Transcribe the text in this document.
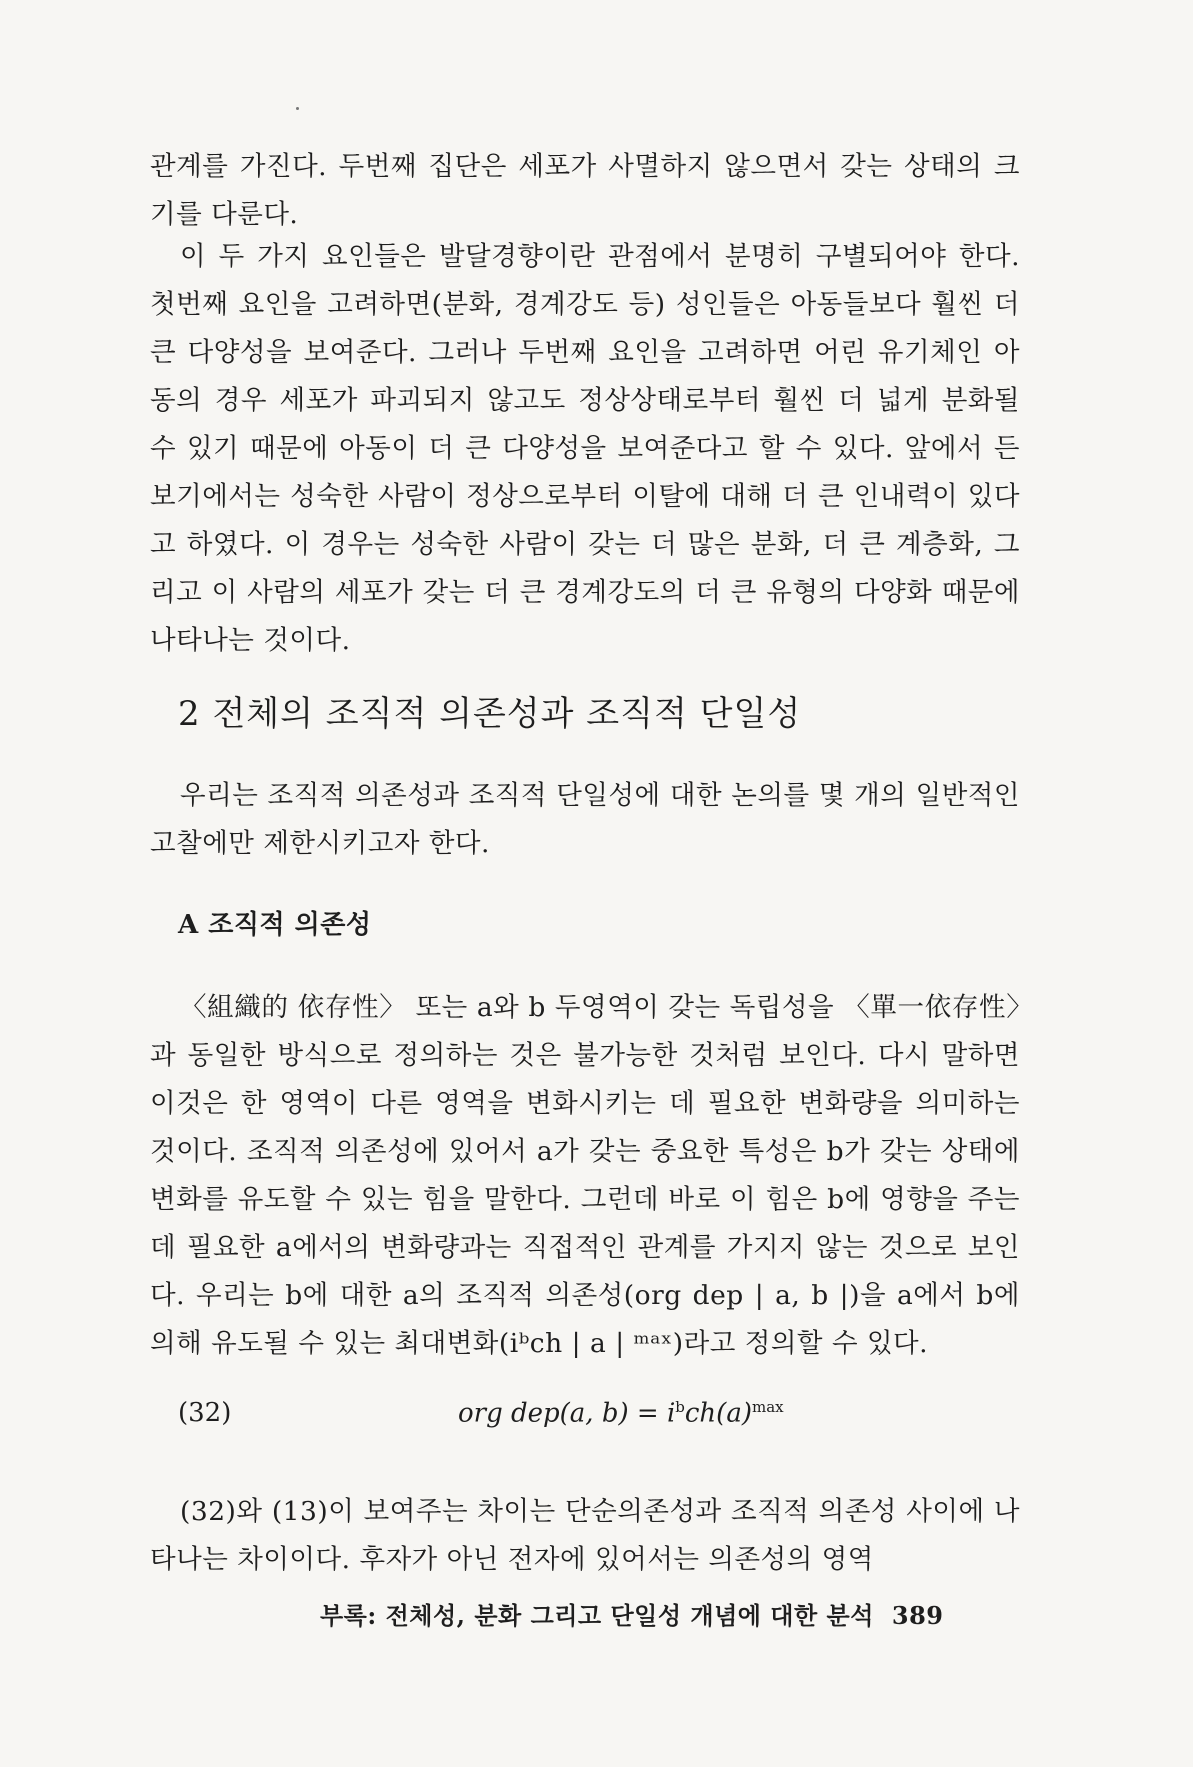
관계를 가진다. 두번째 집단은 세포가 사멸하지 않으면서 갖는 상태의 크기를 다룬다.

이 두 가지 요인들은 발달경향이란 관점에서 분명히 구별되어야 한다. 첫번째 요인을 고려하면(분화, 경계강도 등) 성인들은 아동들보다 훨씬 더 큰 다양성을 보여준다. 그러나 두번째 요인을 고려하면 어린 유기체인 아동의 경우 세포가 파괴되지 않고도 정상상태로부터 훨씬 더 넓게 분화될 수 있기 때문에 아동이 더 큰 다양성을 보여준다고 할 수 있다. 앞에서 든 보기에서는 성숙한 사람이 정상으로부터 이탈에 대해 더 큰 인내력이 있다고 하였다. 이 경우는 성숙한 사람이 갖는 더 많은 분화, 더 큰 계층화, 그리고 이 사람의 세포가 갖는 더 큰 경계강도의 더 큰 유형의 다양화 때문에 나타나는 것이다.

2 전체의 조직적 의존성과 조직적 단일성

우리는 조직적 의존성과 조직적 단일성에 대한 논의를 몇 개의 일반적인 고찰에만 제한시키고자 한다.

A 조직적 의존성

〈組織的 依存性〉 또는 a와 b 두영역이 갖는 독립성을 〈單一依存性〉과 동일한 방식으로 정의하는 것은 불가능한 것처럼 보인다. 다시 말하면 이것은 한 영역이 다른 영역을 변화시키는 데 필요한 변화량을 의미하는 것이다. 조직적 의존성에 있어서 a가 갖는 중요한 특성은 b가 갖는 상태에 변화를 유도할 수 있는 힘을 말한다. 그런데 바로 이 힘은 b에 영향을 주는 데 필요한 a에서의 변화량과는 직접적인 관계를 가지지 않는 것으로 보인다. 우리는 b에 대한 a의 조직적 의존성(org dep | a, b |)을 a에서 b에 의해 유도될 수 있는 최대변화(iᵇch | a | ᵐᵃˣ)라고 정의할 수 있다.

(32)	org dep(a, $b) = i^bch(a)^{max}$

(32)와 (13)이 보여주는 차이는 단순의존성과 조직적 의존성 사이에 나타나는 차이이다. 후자가 아닌 전자에 있어서는 의존성의 영역

부록: 전체성, 분화 그리고 단일성 개념에 대한 분석 389
